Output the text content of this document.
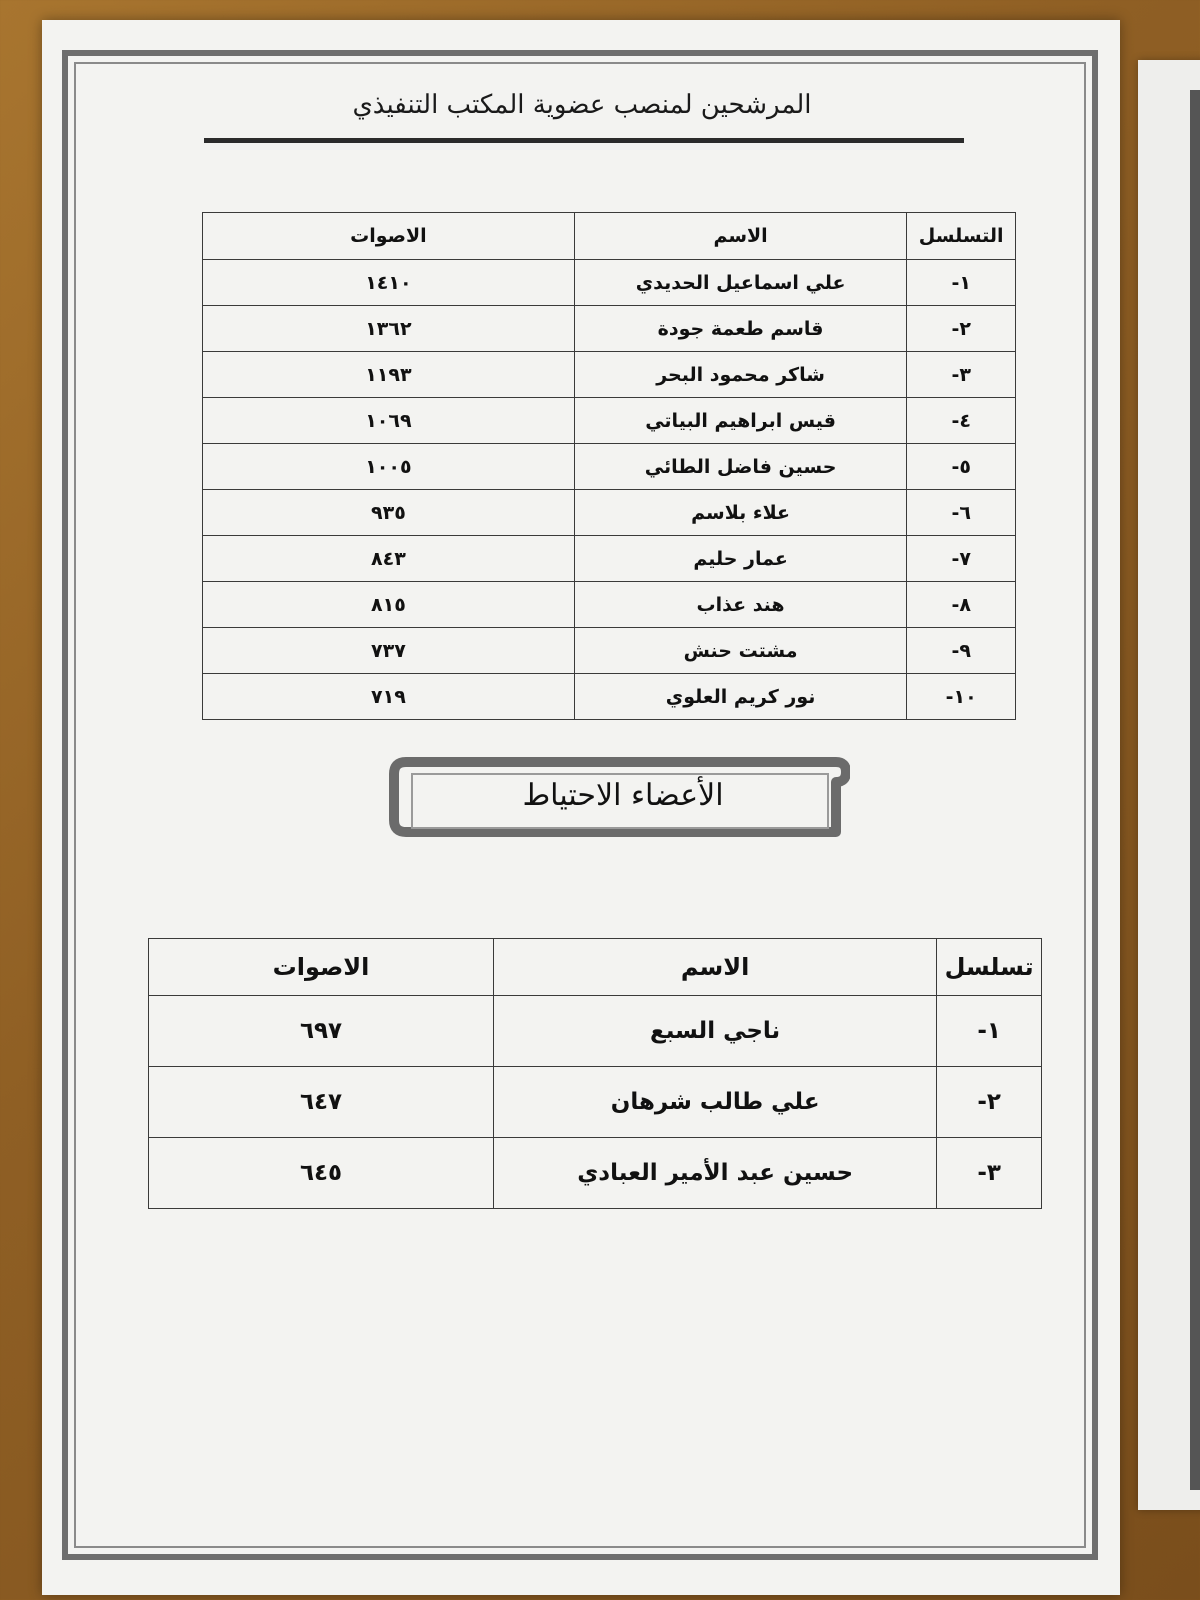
المرشحين لمنصب عضوية المكتب التنفيذي
التسلسل	الاسم	الاصوات
١-	علي اسماعيل الحديدي	١٤١٠
٢-	قاسم طعمة جودة	١٣٦٢
٣-	شاكر محمود البحر	١١٩٣
٤-	قيس ابراهيم البياتي	١٠٦٩
٥-	حسين فاضل الطائي	١٠٠٥
٦-	علاء بلاسم	٩٣٥
٧-	عمار حليم	٨٤٣
٨-	هند عذاب	٨١٥
٩-	مشتت حنش	٧٣٧
١٠-	نور كريم العلوي	٧١٩
الأعضاء الاحتياط
تسلسل	الاسم	الاصوات
١-	ناجي السبع	٦٩٧
٢-	علي طالب شرهان	٦٤٧
٣-	حسين عبد الأمير العبادي	٦٤٥
